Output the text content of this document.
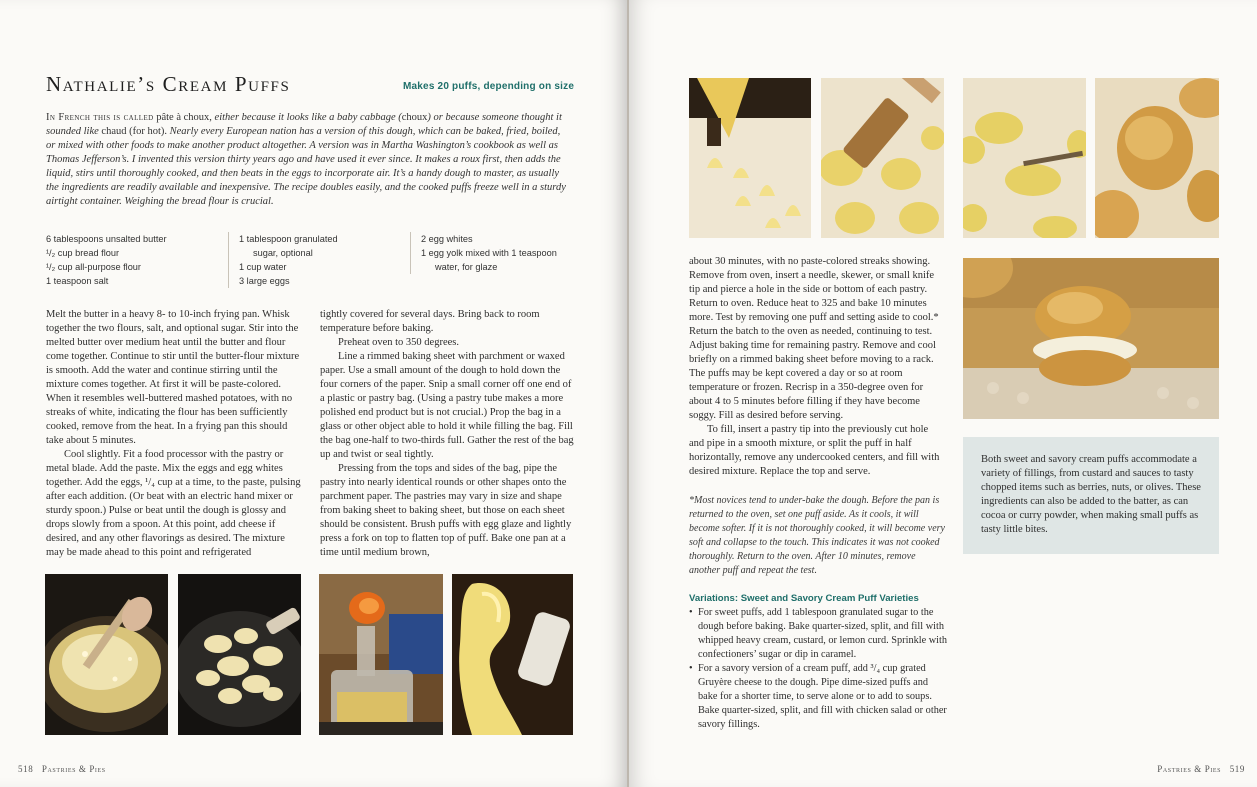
Nathalie’s Cream Puffs	Makes 20 puffs, depending on size

In French this is called pâte à choux, either because it looks like a baby cabbage (choux) or because someone thought it sounded like chaud (for hot). Nearly every European nation has a version of this dough, which can be baked, fried, boiled, or mixed with other foods to make another product altogether. A version was in Martha Washington’s cookbook as well as Thomas Jefferson’s. I invented this version thirty years ago and have used it ever since. It makes a roux first, then adds the liquid, stirs until thoroughly cooked, and then beats in the eggs to incorporate air. It’s a handy dough to master, as usually the ingredients are readily available and inexpensive. The recipe doubles easily, and the cooked puffs freeze well in a sturdy airtight container. Weighing the bread flour is crucial.

6 tablespoons unsalted butter
¹/₂ cup bread flour
¹/₂ cup all-purpose flour
1 teaspoon salt
1 tablespoon granulated
sugar, optional
1 cup water
3 large eggs
2 egg whites
1 egg yolk mixed with 1 teaspoon
water, for glaze

Melt the butter in a heavy 8- to 10-inch frying pan. Whisk together the two flours, salt, and optional sugar. Stir into the melted butter over medium heat until the butter and flour come together. Continue to stir until the butter-flour mixture is smooth. Add the water and continue stirring until the mixture comes together. At first it will be paste-colored. When it resembles well-buttered mashed potatoes, with no streaks of white, indicating the flour has been sufficiently cooked, remove from the heat. In a frying pan this should take about 5 minutes.

Cool slightly. Fit a food processor with the pastry or metal blade. Add the paste. Mix the eggs and egg whites together. Add the eggs, ¹/₄ cup at a time, to the paste, pulsing after each addition. (Or beat with an electric hand mixer or sturdy spoon.) Pulse or beat until the dough is glossy and drops slowly from a spoon. At this point, add cheese if desired, and any other flavorings as desired. The mixture may be made ahead to this point and refrigerated

tightly covered for several days. Bring back to room temperature before baking.

Preheat oven to 350 degrees.

Line a rimmed baking sheet with parchment or waxed paper. Use a small amount of the dough to hold down the four corners of the paper. Snip a small corner off one end of a plastic or pastry bag. (Using a pastry tube makes a more polished end product but is not crucial.) Prop the bag in a glass or other object able to hold it while filling the bag. Fill the bag one-half to two-thirds full. Gather the rest of the bag up and twist or seal tightly.

Pressing from the tops and sides of the bag, pipe the pastry into nearly identical rounds or other shapes onto the parchment paper. The pastries may vary in size and shape from baking sheet to baking sheet, but those on each sheet should be consistent. Brush puffs with egg glaze and lightly press a fork on top to flatten top of puff. Bake one pan at a time until medium brown,

518 Pastries & Pies

about 30 minutes, with no paste-colored streaks showing. Remove from oven, insert a needle, skewer, or small knife tip and pierce a hole in the side or bottom of each pastry. Return to oven. Reduce heat to 325 and bake 10 minutes more. Test by removing one puff and setting aside to cool.* Return the batch to the oven as needed, continuing to test. Adjust baking time for remaining pastry. Remove and cool briefly on a rimmed baking sheet before moving to a rack. The puffs may be kept covered a day or so at room temperature or frozen. Recrisp in a 350-degree oven for about 4 to 5 minutes before filling if they have become soggy. Fill as desired before serving.

To fill, insert a pastry tip into the previously cut hole and pipe in a smooth mixture, or split the puff in half horizontally, remove any undercooked centers, and fill with desired mixture. Replace the top and serve.

*Most novices tend to under-bake the dough. Before the pan is returned to the oven, set one puff aside. As it cools, it will become softer. If it is not thoroughly cooked, it will become very soft and collapse to the touch. This indicates it was not cooked thoroughly. Return to the oven. After 10 minutes, remove another puff and repeat the test.

Variations: Sweet and Savory Cream Puff Varieties
• For sweet puffs, add 1 tablespoon granulated sugar to the dough before baking. Bake quarter-sized, split, and fill with whipped heavy cream, custard, or lemon curd. Sprinkle with confectioners’ sugar or dip in caramel.
• For a savory version of a cream puff, add ³/₄ cup grated Gruyère cheese to the dough. Pipe dime-sized puffs and bake for a shorter time, to serve alone or to add to soups. Bake quarter-sized, split, and fill with chicken salad or other savory fillings.

Both sweet and savory cream puffs accommodate a variety of fillings, from custard and sauces to tasty chopped items such as berries, nuts, or olives. These ingredients can also be added to the batter, as can cocoa or curry powder, when making small puffs as tasty little bites.

Pastries & Pies 519
